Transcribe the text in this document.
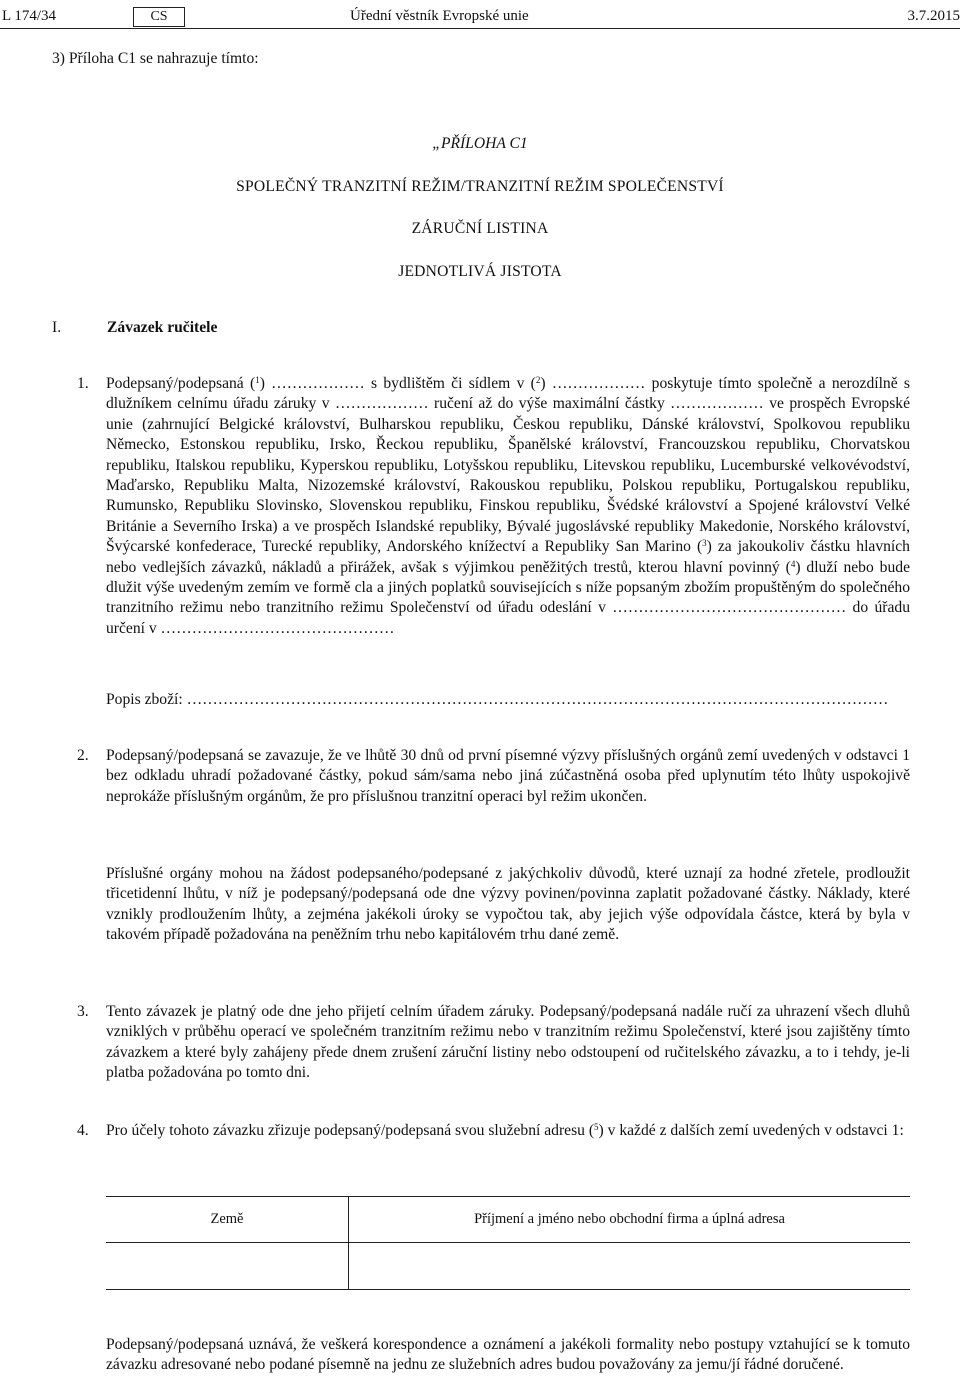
L 174/34	CS	Úřední věstník Evropské unie	3.7.2015
3) Příloha C1 se nahrazuje tímto:
„PŘÍLOHA C1
SPOLEČNÝ TRANZITNÍ REŽIM/TRANZITNÍ REŽIM SPOLEČENSTVÍ
ZÁRUČNÍ LISTINA
JEDNOTLIVÁ JISTOTA
I.	Závazek ručitele
1. Podepsaný/podepsaná ($^1$) ……………… s bydlištěm či sídlem v ($^2$) ……………… poskytuje tímto společně a nerozdílně s dlužníkem celnímu úřadu záruky v ……………… ručení až do výše maximální částky ……………… ve prospěch Evropské unie (zahrnující Belgické království, Bulharskou republiku, Českou republiku, Dánské království, Spolkovou republiku Německo, Estonskou republiku, Irsko, Řeckou republiku, Španělské království, Francouzskou republiku, Chorvatskou republiku, Italskou republiku, Kyperskou republiku, Lotyšskou republiku, Litevskou republiku, Lucemburské velkovévodství, Maďarsko, Republiku Malta, Nizozemské království, Rakouskou republiku, Polskou republiku, Portugalskou republiku, Rumunsko, Republiku Slovinsko, Slovenskou republiku, Finskou republiku, Švédské království a Spojené království Velké Británie a Severního Irska) a ve prospěch Islandské republiky, Bývalé jugoslávské republiky Makedonie, Norského království, Švýcarské konfederace, Turecké republiky, Andorského knížectví a Republiky San Marino ($^3$) za jakoukoliv částku hlavních nebo vedlejších závazků, nákladů a přirážek, avšak s výjimkou peněžitých trestů, kterou hlavní povinný ($^4$) dluží nebo bude dlužit výše uvedeným zemím ve formě cla a jiných poplatků souvisejících s níže popsaným zbožím propuštěným do společného tranzitního režimu nebo tranzitního režimu Společenství od úřadu odeslání v ……………………………………… do úřadu určení v ………………………………………
Popis zboží: ………………………………………………………………………………………………………………………
2. Podepsaný/podepsaná se zavazuje, že ve lhůtě 30 dnů od první písemné výzvy příslušných orgánů zemí uvedených v odstavci 1 bez odkladu uhradí požadované částky, pokud sám/sama nebo jiná zúčastněná osoba před uplynutím této lhůty uspokojivě neprokáže příslušným orgánům, že pro příslušnou tranzitní operaci byl režim ukončen.
Příslušné orgány mohou na žádost podepsaného/podepsané z jakýchkoliv důvodů, které uznají za hodné zřetele, prodloužit třicetidenní lhůtu, v níž je podepsaný/podepsaná ode dne výzvy povinen/povinna zaplatit požadované částky. Náklady, které vznikly prodloužením lhůty, a zejména jakékoli úroky se vypočtou tak, aby jejich výše odpovídala částce, která by byla v takovém případě požadována na peněžním trhu nebo kapitálovém trhu dané země.
3. Tento závazek je platný ode dne jeho přijetí celním úřadem záruky. Podepsaný/podepsaná nadále ručí za uhrazení všech dluhů vzniklých v průběhu operací ve společném tranzitním režimu nebo v tranzitním režimu Společenství, které jsou zajištěny tímto závazkem a které byly zahájeny přede dnem zrušení záruční listiny nebo odstoupení od ručitelského závazku, a to i tehdy, je-li platba požadována po tomto dni.
4. Pro účely tohoto závazku zřizuje podepsaný/podepsaná svou služební adresu ($^5$) v každé z dalších zemí uvedených v odstavci 1:
Země	Příjmení a jméno nebo obchodní firma a úplná adresa

Podepsaný/podepsaná uznává, že veškerá korespondence a oznámení a jakékoli formality nebo postupy vztahující se k tomuto závazku adresované nebo podané písemně na jednu ze služebních adres budou považovány za jemu/jí řádné doručené.
